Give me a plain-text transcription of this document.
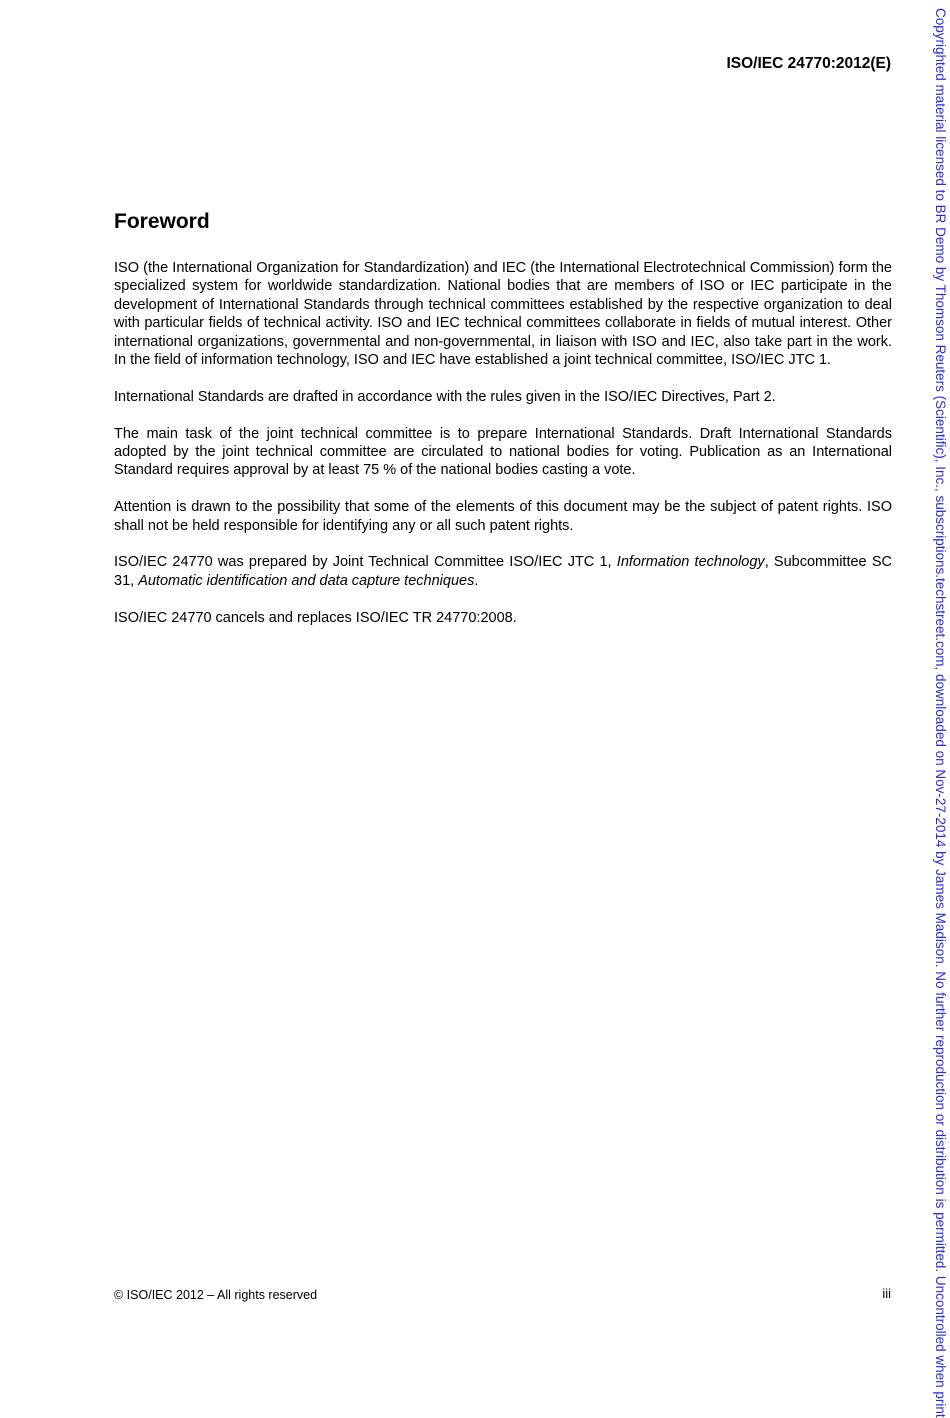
ISO/IEC 24770:2012(E)
Foreword

ISO (the International Organization for Standardization) and IEC (the International Electrotechnical Commission) form the specialized system for worldwide standardization. National bodies that are members of ISO or IEC participate in the development of International Standards through technical committees established by the respective organization to deal with particular fields of technical activity. ISO and IEC technical committees collaborate in fields of mutual interest. Other international organizations, governmental and non-governmental, in liaison with ISO and IEC, also take part in the work. In the field of information technology, ISO and IEC have established a joint technical committee, ISO/IEC JTC 1.

International Standards are drafted in accordance with the rules given in the ISO/IEC Directives, Part 2.

The main task of the joint technical committee is to prepare International Standards. Draft International Standards adopted by the joint technical committee are circulated to national bodies for voting. Publication as an International Standard requires approval by at least 75 % of the national bodies casting a vote.

Attention is drawn to the possibility that some of the elements of this document may be the subject of patent rights. ISO shall not be held responsible for identifying any or all such patent rights.

ISO/IEC 24770 was prepared by Joint Technical Committee ISO/IEC JTC 1, Information technology, Subcommittee SC 31, Automatic identification and data capture techniques.

ISO/IEC 24770 cancels and replaces ISO/IEC TR 24770:2008.

© ISO/IEC 2012 – All rights reserved	iii	Copyrighted material licensed to BR Demo by Thomson Reuters (Scientific), Inc., subscriptions.techstreet.com, downloaded on Nov-27-2014 by James Madison. No further reproduction or distribution is permitted. Uncontrolled when print
